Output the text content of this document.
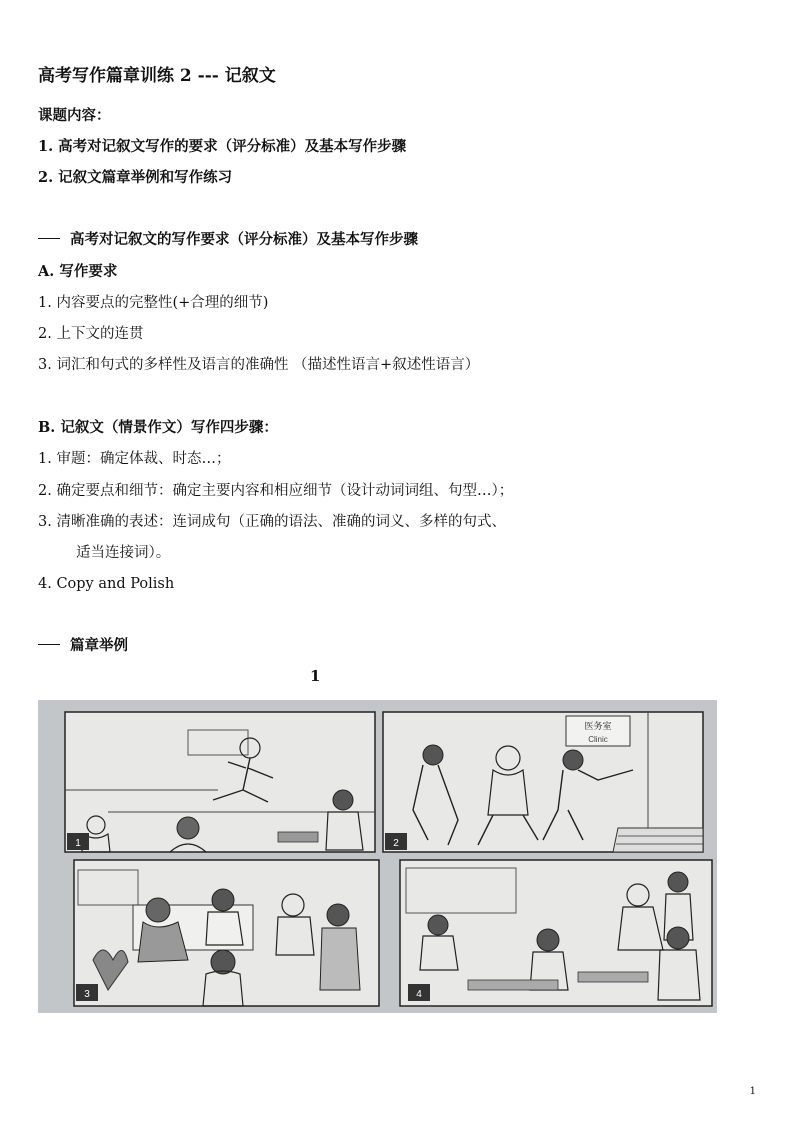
高考写作篇章训练 2 --- 记叙文
课题内容：
1. 高考对记叙文写作的要求（评分标准）及基本写作步骤
2. 记叙文篇章举例和写作练习
高考对记叙文的写作要求（评分标准）及基本写作步骤
A. 写作要求
1. 内容要点的完整性(+合理的细节)
2. 上下文的连贯
3. 词汇和句式的多样性及语言的准确性 （描述性语言+叙述性语言）
B. 记叙文（情景作文）写作四步骤：
1. 审题：确定体裁、时态…；
2. 确定要点和细节：确定主要内容和相应细节（设计动词词组、句型…）；
3. 清晰准确的表述：连词成句（正确的语法、准确的词义、多样的句式、
适当连接词）。
4. Copy and Polish
篇章举例
1
1
医务室
Clinic
2
3	4
1
